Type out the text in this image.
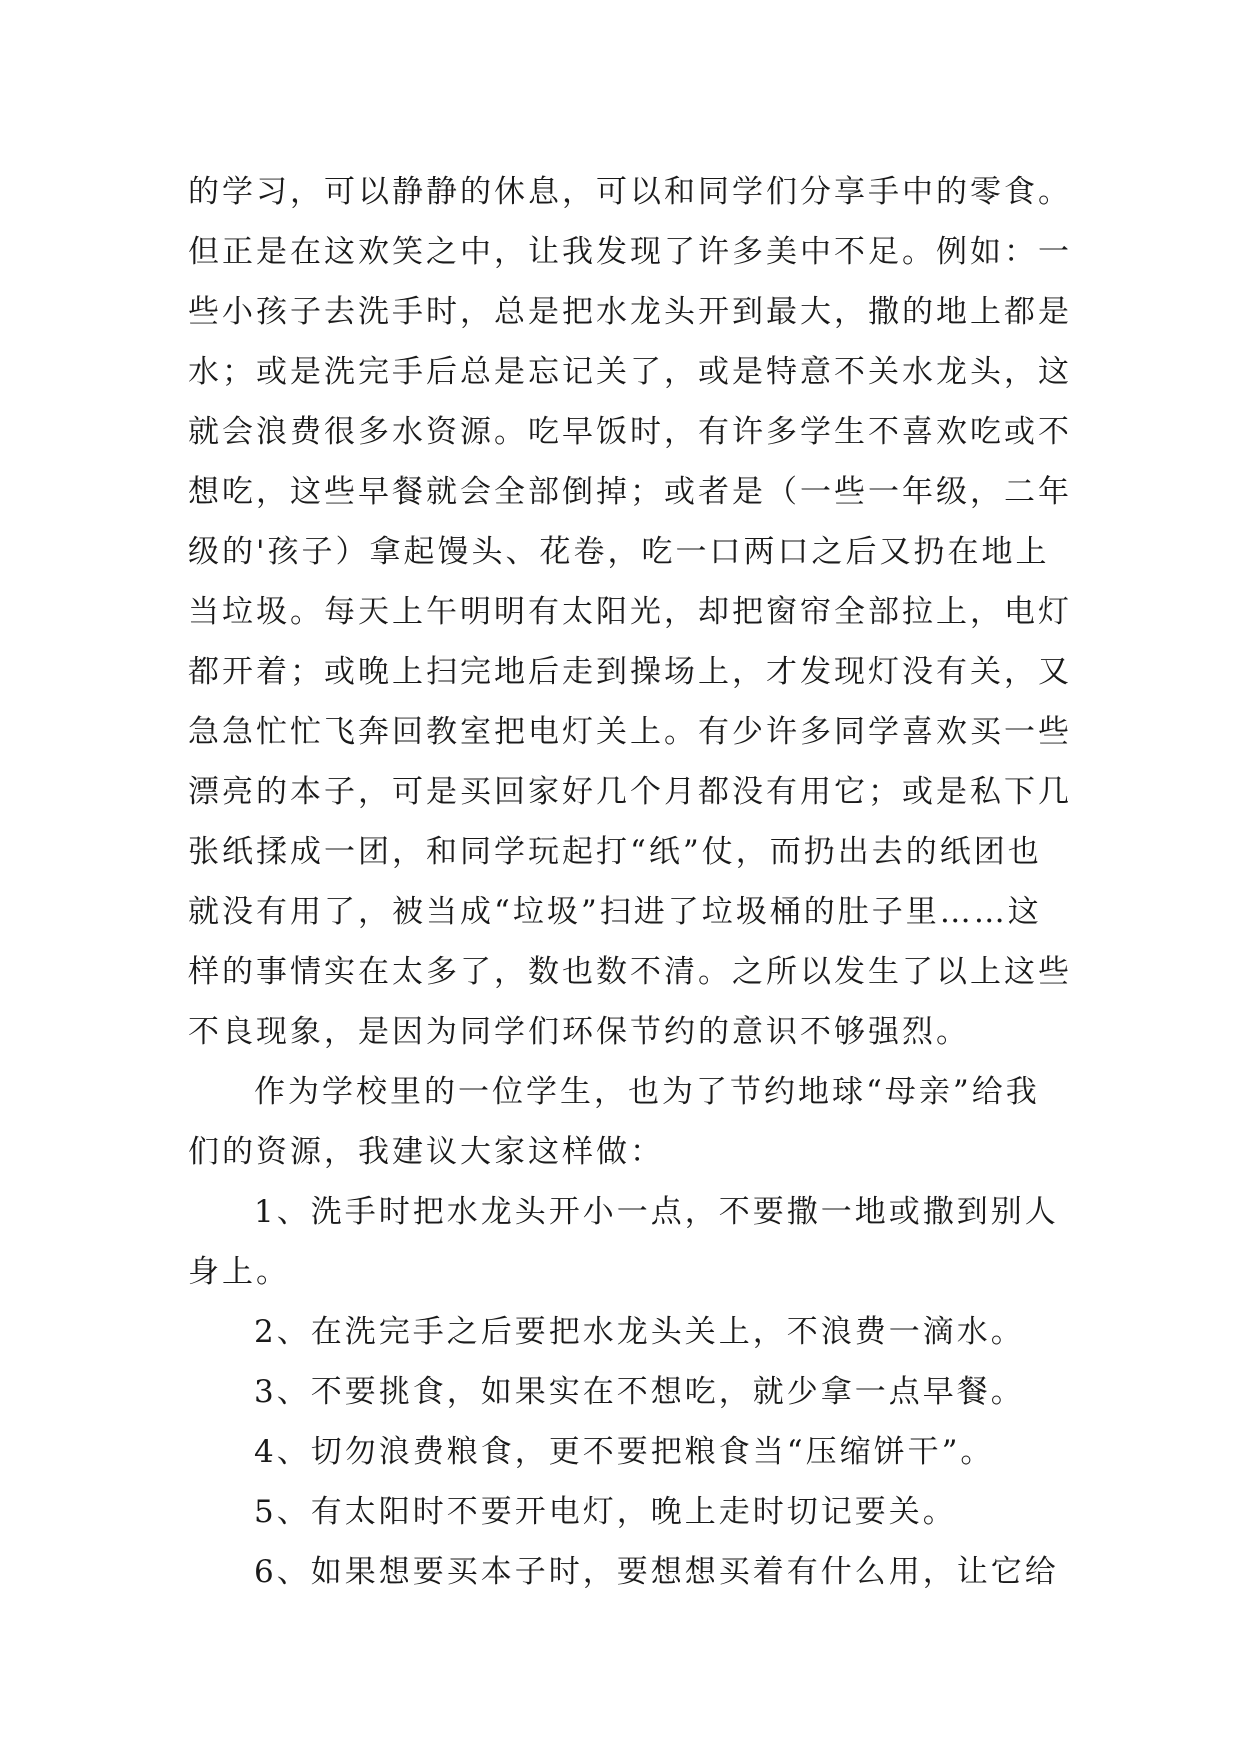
的学习，可以静静的休息，可以和同学们分享手中的零食。
但正是在这欢笑之中，让我发现了许多美中不足。例如：一
些小孩子去洗手时，总是把水龙头开到最大，撒的地上都是
水；或是洗完手后总是忘记关了，或是特意不关水龙头，这
就会浪费很多水资源。吃早饭时，有许多学生不喜欢吃或不
想吃，这些早餐就会全部倒掉；或者是（一些一年级，二年
级的'孩子）拿起馒头、花卷，吃一口两口之后又扔在地上
当垃圾。每天上午明明有太阳光，却把窗帘全部拉上，电灯
都开着；或晚上扫完地后走到操场上，才发现灯没有关，又
急急忙忙飞奔回教室把电灯关上。有少许多同学喜欢买一些
漂亮的本子，可是买回家好几个月都没有用它；或是私下几
张纸揉成一团，和同学玩起打“纸”仗，而扔出去的纸团也
就没有用了，被当成“垃圾”扫进了垃圾桶的肚子里……这
样的事情实在太多了，数也数不清。之所以发生了以上这些
不良现象，是因为同学们环保节约的意识不够强烈。
作为学校里的一位学生，也为了节约地球“母亲”给我
们的资源，我建议大家这样做：
1、洗手时把水龙头开小一点，不要撒一地或撒到别人
身上。
2、在洗完手之后要把水龙头关上，不浪费一滴水。
3、不要挑食，如果实在不想吃，就少拿一点早餐。
4、切勿浪费粮食，更不要把粮食当“压缩饼干”。
5、有太阳时不要开电灯，晚上走时切记要关。
6、如果想要买本子时，要想想买着有什么用，让它给
